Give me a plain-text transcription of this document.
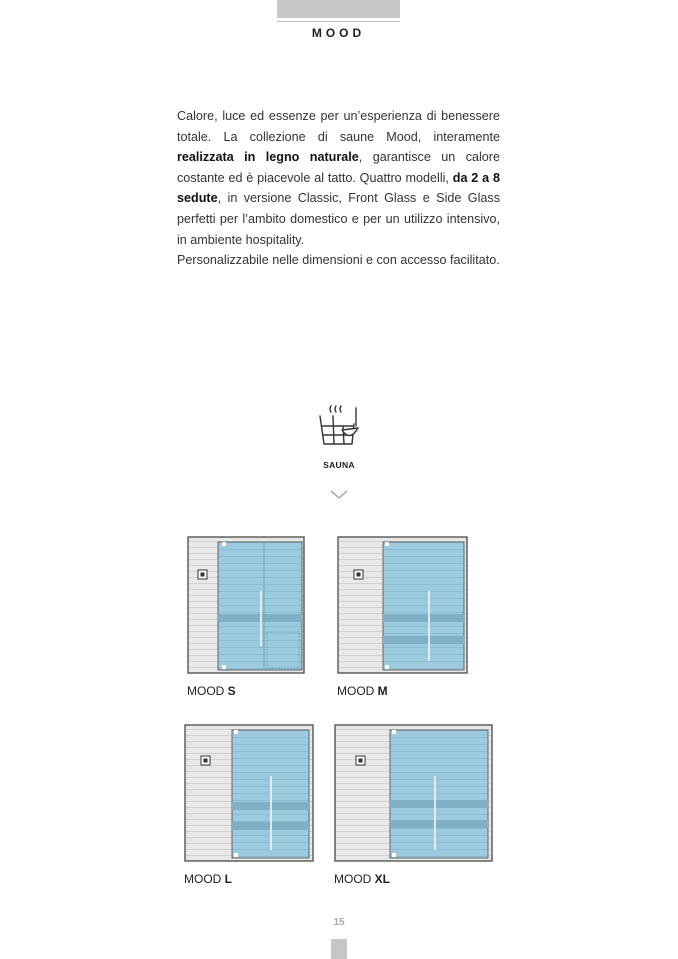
MOOD

Calore, luce ed essenze per un’esperienza di benessere totale. La collezione di saune Mood, interamente realizzata in legno naturale, garantisce un calore costante ed è piacevole al tatto. Quattro modelli, da 2 a 8 sedute, in versione Classic, Front Glass e Side Glass perfetti per l’ambito domestico e per un utilizzo intensivo, in ambiente hospitality.

Personalizzabile nelle dimensioni e con accesso facilitato.

SAUNA
MOOD S	MOOD M
MOOD L	MOOD XL
15
